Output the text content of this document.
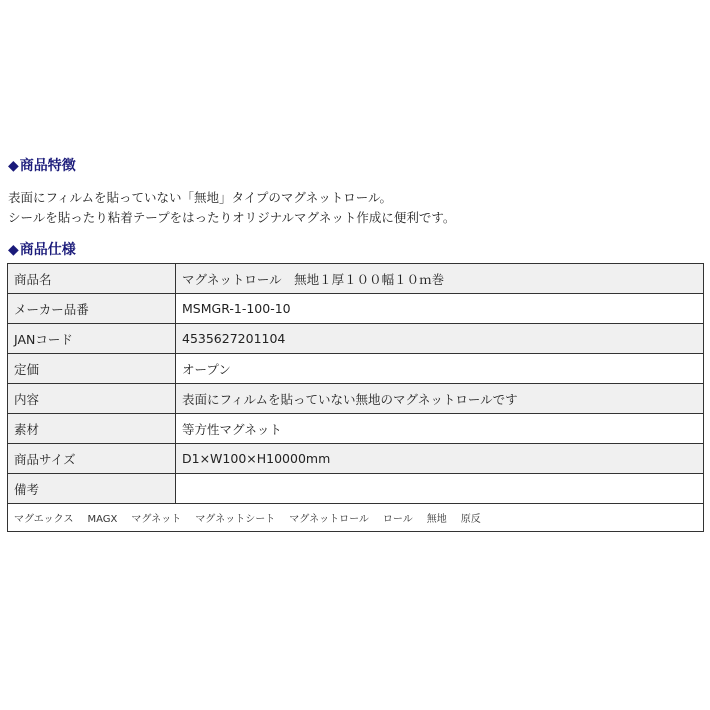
◆商品特徴
表面にフィルムを貼っていない「無地」タイプのマグネットロール。
シールを貼ったり粘着テープをはったりオリジナルマグネット作成に便利です。
◆商品仕様
商品名	マグネットロール　無地１厚１００幅１０ｍ巻
メーカー品番	MSMGR-1-100-10
JANコード	4535627201104
定価	オープン
内容	表面にフィルムを貼っていない無地のマグネットロールです
素材	等方性マグネット
商品サイズ	D1×W100×H10000mm
備考	
マグエックス MAGX マグネット マグネットシート マグネットロール ロール 無地 原反	
